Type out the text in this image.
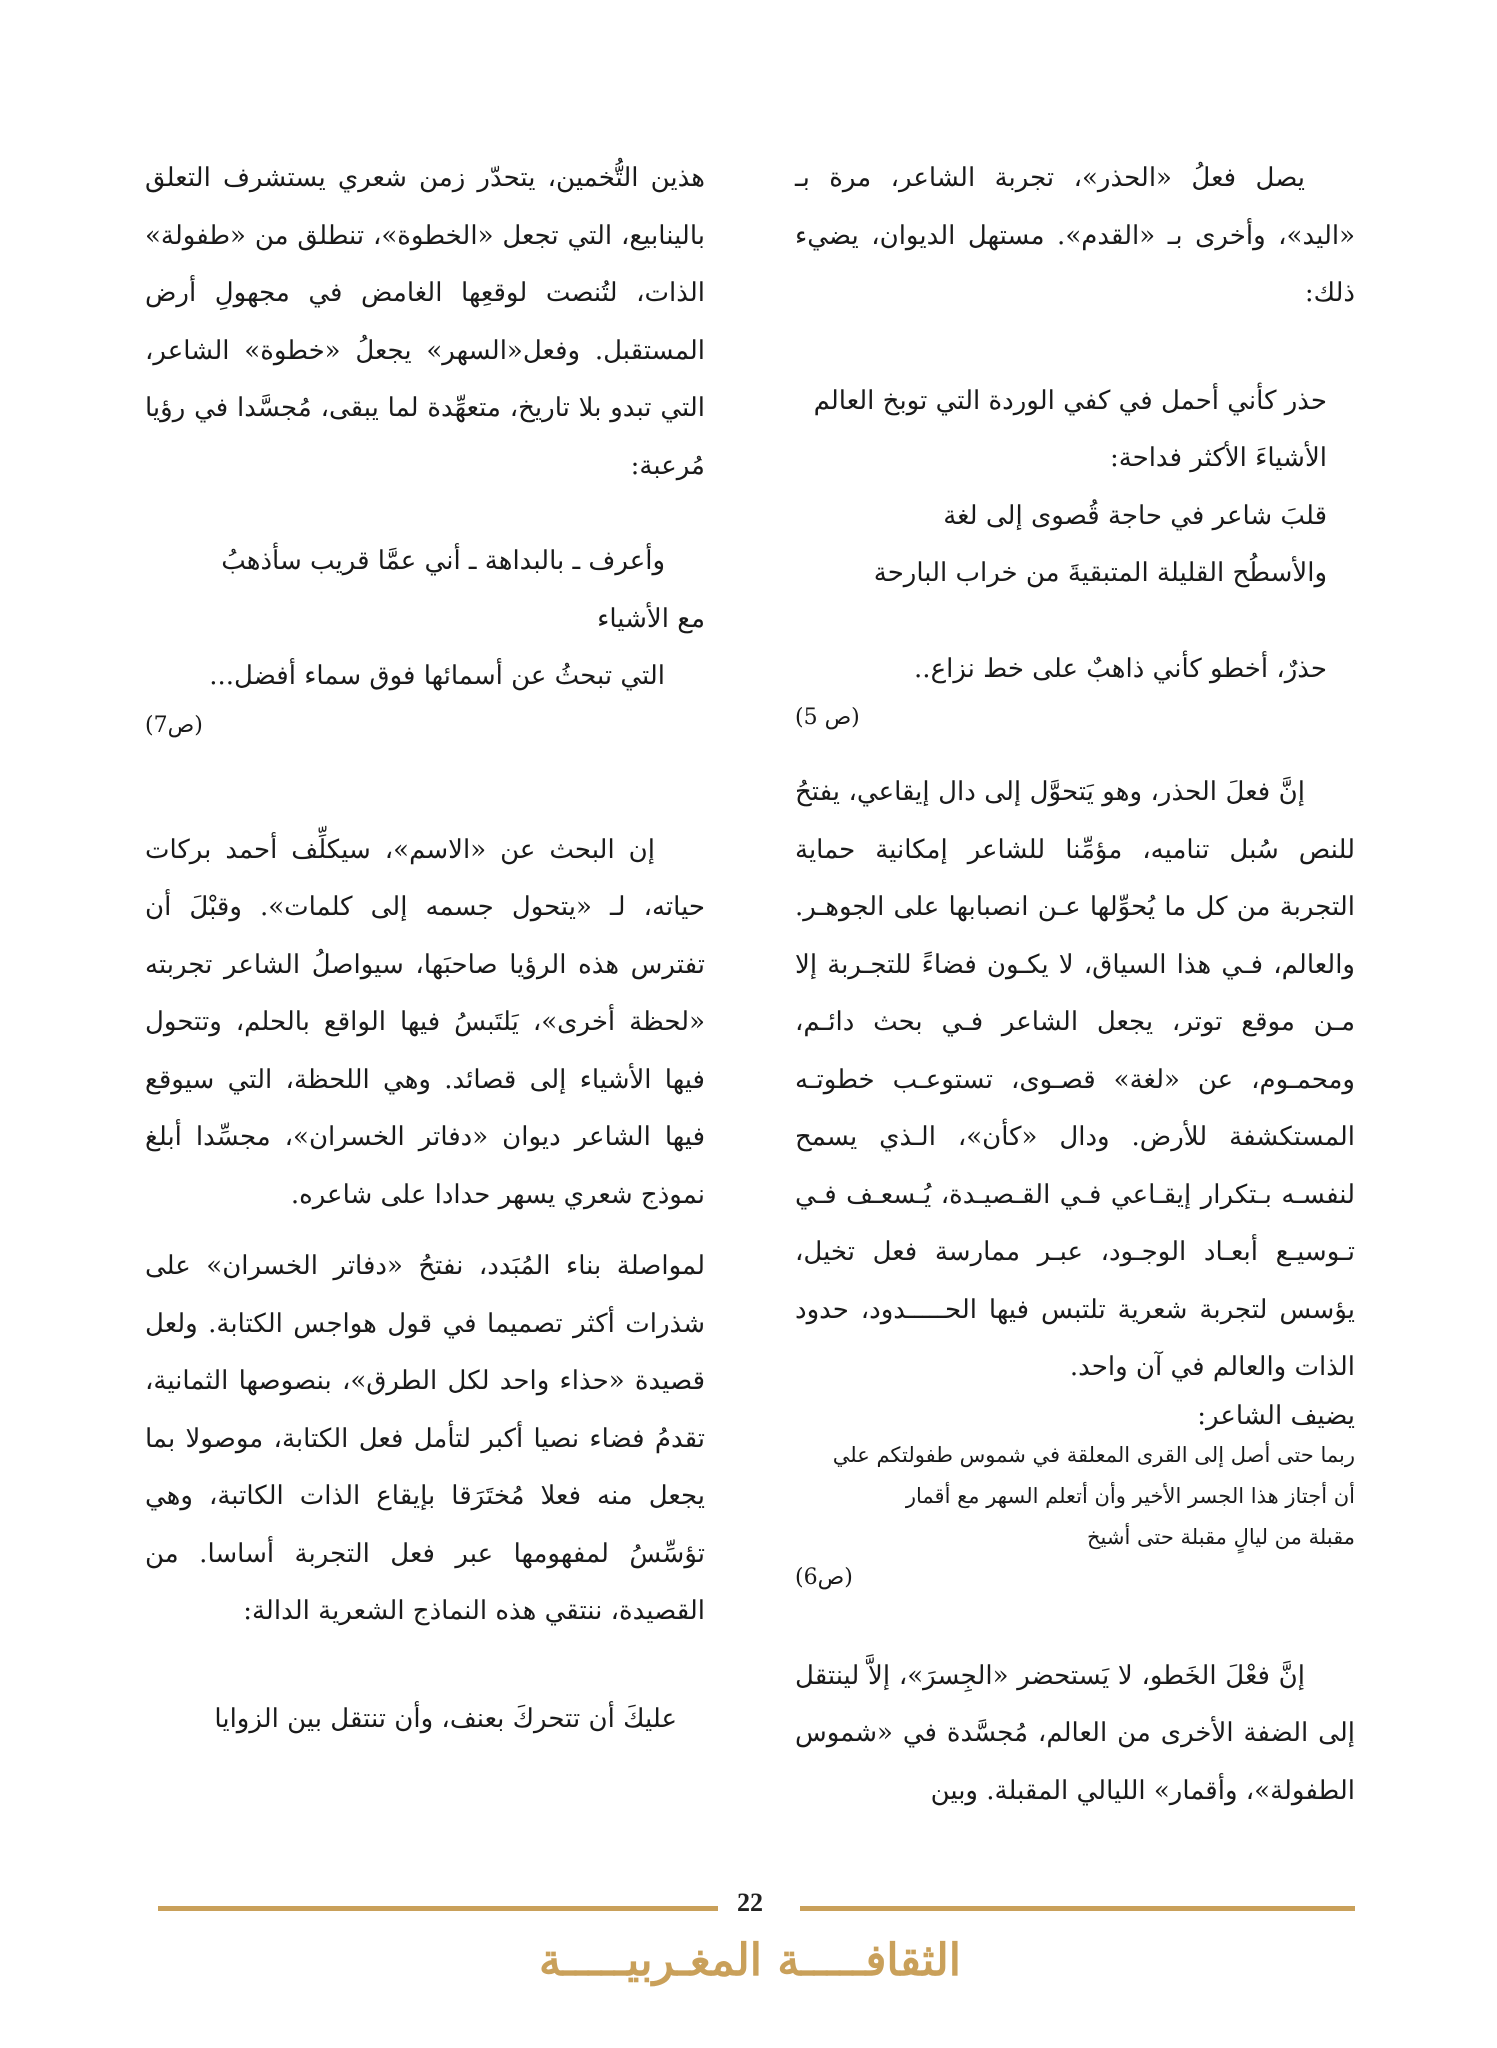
يصل فعلُ «الحذر»، تجربة الشاعر، مرة بـ «اليد»، وأخرى بـ «القدم». مستهل الديوان، يضيء ذلك:

حذر كأني أحمل في كفي الوردة التي توبخ العالم

الأشياءَ الأكثر فداحة:

قلبَ شاعر في حاجة قُصوى إلى لغة

والأسطُح القليلة المتبقيةَ من خراب البارحة

حذرٌ، أخطو كأني ذاهبٌ على خط نزاع..

(ص 5)

إنَّ فعلَ الحذر، وهو يَتحوَّل إلى دال إيقاعي، يفتحُ للنص سُبل تناميه، مؤمِّنا للشاعر إمكانية حماية التجربة من كل ما يُحوِّلها عـن انصبابها على الجوهـر. والعالم، فـي هذا السياق، لا يكـون فضاءً للتجـربة إلا مـن موقع توتر، يجعل الشاعر فـي بحث دائـم، ومحمـوم، عن «لغة» قصـوى، تستوعـب خطوتـه المستكشفة للأرض. ودال «كأن»، الـذي يسمح لنفسـه بـتكرار إيقـاعي فـي القـصيـدة، يُـسعـف فـي تـوسيـع أبعـاد الوجـود، عبـر ممارسة فعل تخيل، يؤسس لتجربة شعرية تلتبس فيها الحـــــدود، حدود الذات والعالم في آن واحد.

يضيف الشاعر:

ربما حتى أصل إلى القرى المعلقة في شموس طفولتكم علي

أن أجتاز هذا الجسر الأخير وأن أتعلم السهر مع أقمار

مقبلة من ليالٍ مقبلة حتى أشيخ

(ص6)

إنَّ فعْلَ الخَطو، لا يَستحضر «الجِسرَ»، إلاَّ لينتقل إلى الضفة الأخرى من العالم، مُجسَّدة في «شموس الطفولة»، وأقمار» الليالي المقبلة. وبين

هذين التُّخمين، يتحدّر زمن شعري يستشرف التعلق بالينابيع، التي تجعل «الخطوة»، تنطلق من «طفولة» الذات، لتُنصت لوقعِها الغامض في مجهولِ أرض المستقبل. وفعل«السهر» يجعلُ «خطوة» الشاعر، التي تبدو بلا تاريخ، متعهِّدة لما يبقى، مُجسَّدا في رؤيا مُرعبة:

وأعرف ـ بالبداهة ـ أني عمَّا قريب سأذهبُ

مع الأشياء

التي تبحثُ عن أسمائها فوق سماء أفضل...

(ص7)

إن البحث عن «الاسم»، سيكلِّف أحمد بركات حياته، لـ «يتحول جسمه إلى كلمات». وقبْلَ أن تفترس هذه الرؤيا صاحبَها، سيواصلُ الشاعر تجربته «لحظة أخرى»، يَلتَبسُ فيها الواقع بالحلم، وتتحول فيها الأشياء إلى قصائد. وهي اللحظة، التي سيوقع فيها الشاعر ديوان «دفاتر الخسران»، مجسِّدا أبلغ نموذج شعري يسهر حدادا على شاعره.

لمواصلة بناء المُبَدد، نفتحُ «دفاتر الخسران» على شذرات أكثر تصميما في قول هواجس الكتابة. ولعل قصيدة «حذاء واحد لكل الطرق»، بنصوصها الثمانية، تقدمُ فضاء نصيا أكبر لتأمل فعل الكتابة، موصولا بما يجعل منه فعلا مُختَرَقا بإيقاع الذات الكاتبة، وهي تؤسِّسُ لمفهومها عبر فعل التجربة أساسا. من القصيدة، ننتقي هذه النماذج الشعرية الدالة:

عليكَ أن تتحركَ بعنف، وأن تنتقل بين الزوايا

22
الثقافـــــة المغـربيـــــة
